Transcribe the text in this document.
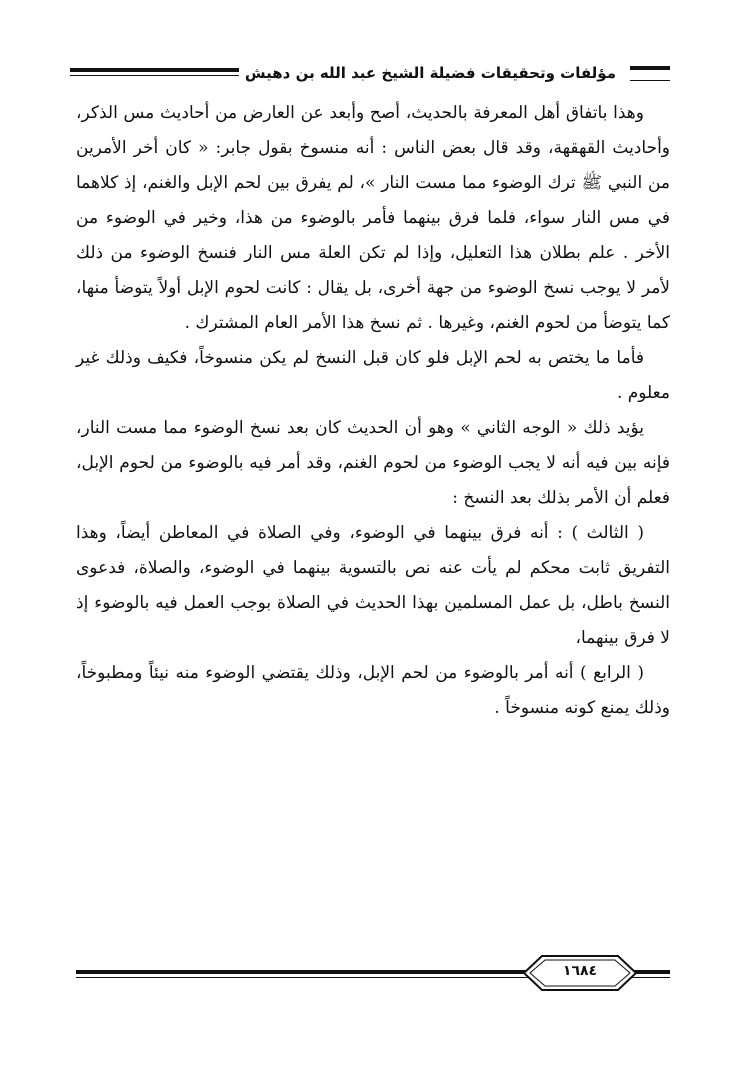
مؤلفات وتحقيقات فضيلة الشيخ عبد الله بن دهيش

وهذا باتفاق أهل المعرفة بالحديث، أصح وأبعد عن العارض من أحاديث مس الذكر، وأحاديث القهقهة، وقد قال بعض الناس : أنه منسوخ بقول جابر: « كان أخر الأمرين من النبي ﷺ ترك الوضوء مما مست النار »، لم يفرق بين لحم الإبل والغنم، إذ كلاهما في مس النار سواء، فلما فرق بينهما فأمر بالوضوء من هذا، وخير في الوضوء من الأخر . علم بطلان هذا التعليل، وإذا لم تكن العلة مس النار فنسخ الوضوء من ذلك لأمر لا يوجب نسخ الوضوء من جهة أخرى، بل يقال : كانت لحوم الإبل أولاً يتوضأ منها، كما يتوضأ من لحوم الغنم، وغيرها . ثم نسخ هذا الأمر العام المشترك .

فأما ما يختص به لحم الإبل فلو كان قبل النسخ لم يكن منسوخاً، فكيف وذلك غير معلوم .

يؤيد ذلك « الوجه الثاني » وهو أن الحديث كان بعد نسخ الوضوء مما مست النار، فإنه بين فيه أنه لا يجب الوضوء من لحوم الغنم، وقد أمر فيه بالوضوء من لحوم الإبل، فعلم أن الأمر بذلك بعد النسخ :

( الثالث ) : أنه فرق بينهما في الوضوء، وفي الصلاة في المعاطن أيضاً، وهذا التفريق ثابت محكم لم يأت عنه نص بالتسوية بينهما في الوضوء، والصلاة، فدعوى النسخ باطل، بل عمل المسلمين بهذا الحديث في الصلاة بوجب العمل فيه بالوضوء إذ لا فرق بينهما،

( الرابع ) أنه أمر بالوضوء من لحم الإبل، وذلك يقتضي الوضوء منه نيئاً ومطبوخاً، وذلك يمنع كونه منسوخاً .

١٦٨٤
